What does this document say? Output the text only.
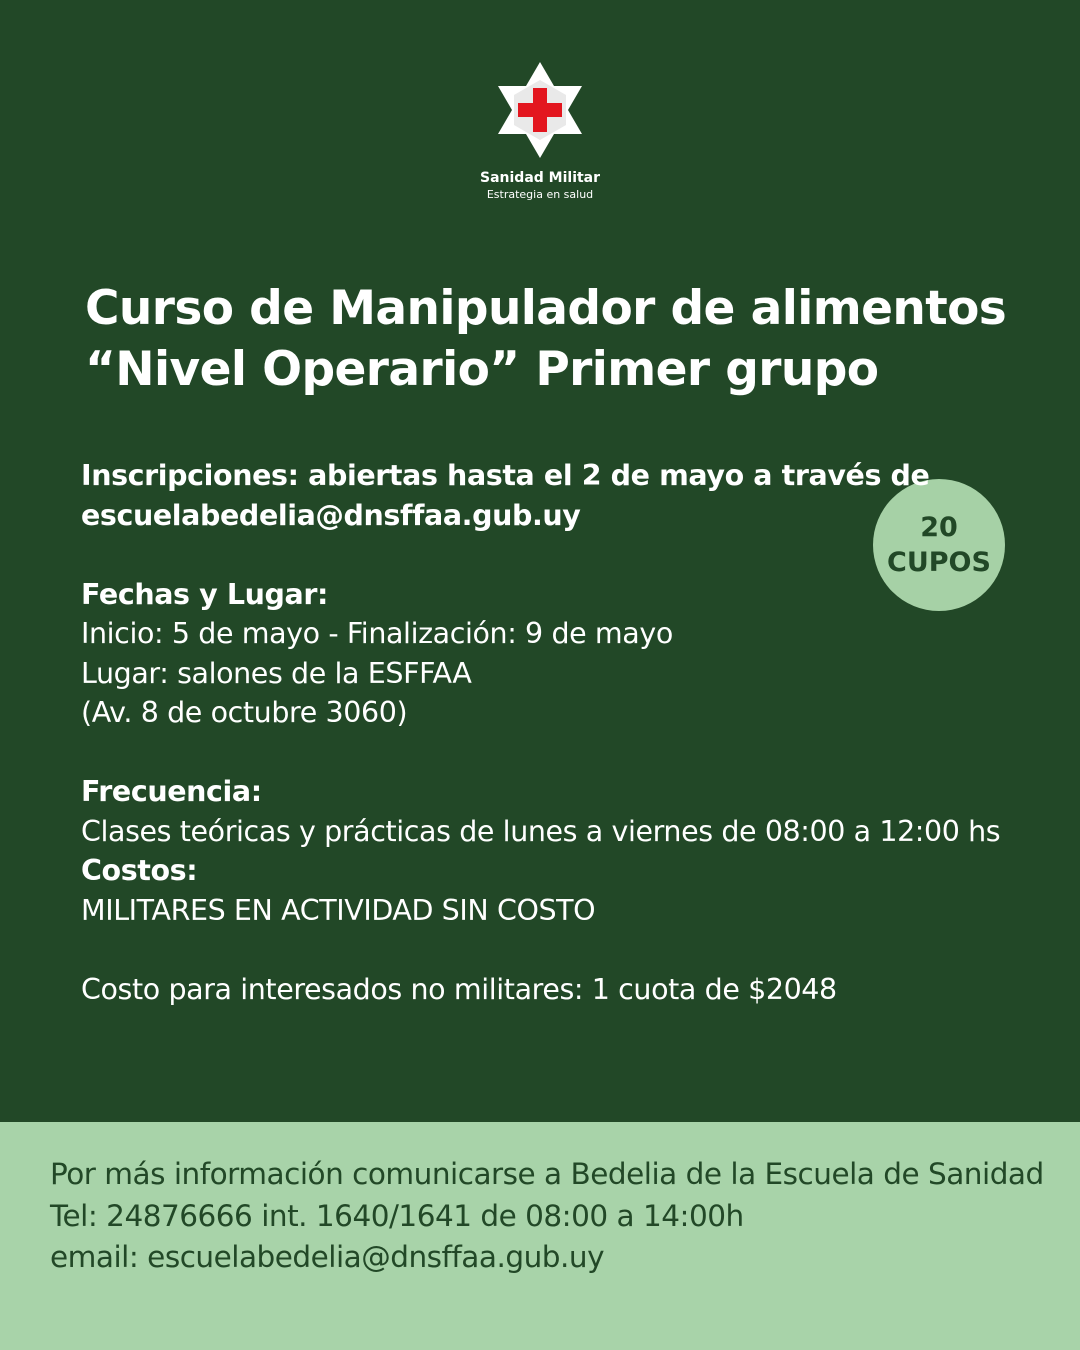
Sanidad Militar
Estrategia en salud
Curso de Manipulador de alimentos
“Nivel Operario” Primer grupo
20
CUPOS
Inscripciones: abiertas hasta el 2 de mayo a través de
escuelabedelia@dnsffaa.gub.uy
Fechas y Lugar:
Inicio: 5 de mayo - Finalización: 9 de mayo
Lugar: salones de la ESFFAA
(Av. 8 de octubre 3060)
Frecuencia:
Clases teóricas y prácticas de lunes a viernes de 08:00 a 12:00 hs
Costos:
MILITARES EN ACTIVIDAD SIN COSTO
Costo para interesados no militares: 1 cuota de $2048
Por más información comunicarse a Bedelia de la Escuela de Sanidad
Tel: 24876666 int. 1640/1641 de 08:00 a 14:00h
email: escuelabedelia@dnsffaa.gub.uy
